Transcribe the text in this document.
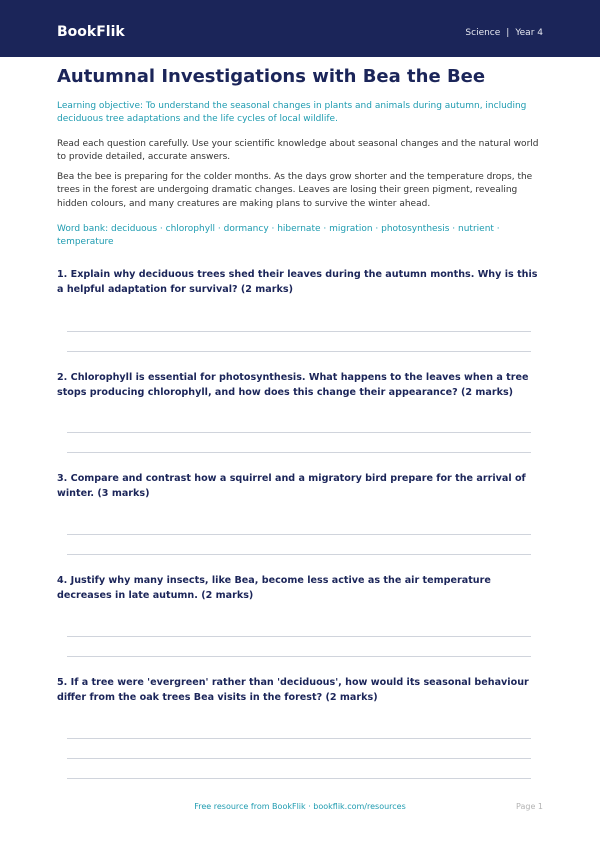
BookFlik	Science | Year 4
Autumnal Investigations with Bea the Bee

Learning objective: To understand the seasonal changes in plants and animals during autumn, including deciduous tree adaptations and the life cycles of local wildlife.

Read each question carefully. Use your scientific knowledge about seasonal changes and the natural world to provide detailed, accurate answers.

Bea the bee is preparing for the colder months. As the days grow shorter and the temperature drops, the trees in the forest are undergoing dramatic changes. Leaves are losing their green pigment, revealing hidden colours, and many creatures are making plans to survive the winter ahead.

Word bank: deciduous · chlorophyll · dormancy · hibernate · migration · photosynthesis · nutrient · temperature

1. Explain why deciduous trees shed their leaves during the autumn months. Why is this a helpful adaptation for survival? (2 marks)

2. Chlorophyll is essential for photosynthesis. What happens to the leaves when a tree stops producing chlorophyll, and how does this change their appearance? (2 marks)

3. Compare and contrast how a squirrel and a migratory bird prepare for the arrival of winter. (3 marks)

4. Justify why many insects, like Bea, become less active as the air temperature decreases in late autumn. (2 marks)

5. If a tree were 'evergreen' rather than 'deciduous', how would its seasonal behaviour differ from the oak trees Bea visits in the forest? (2 marks)

Free resource from BookFlik · bookflik.com/resources	Page 1
